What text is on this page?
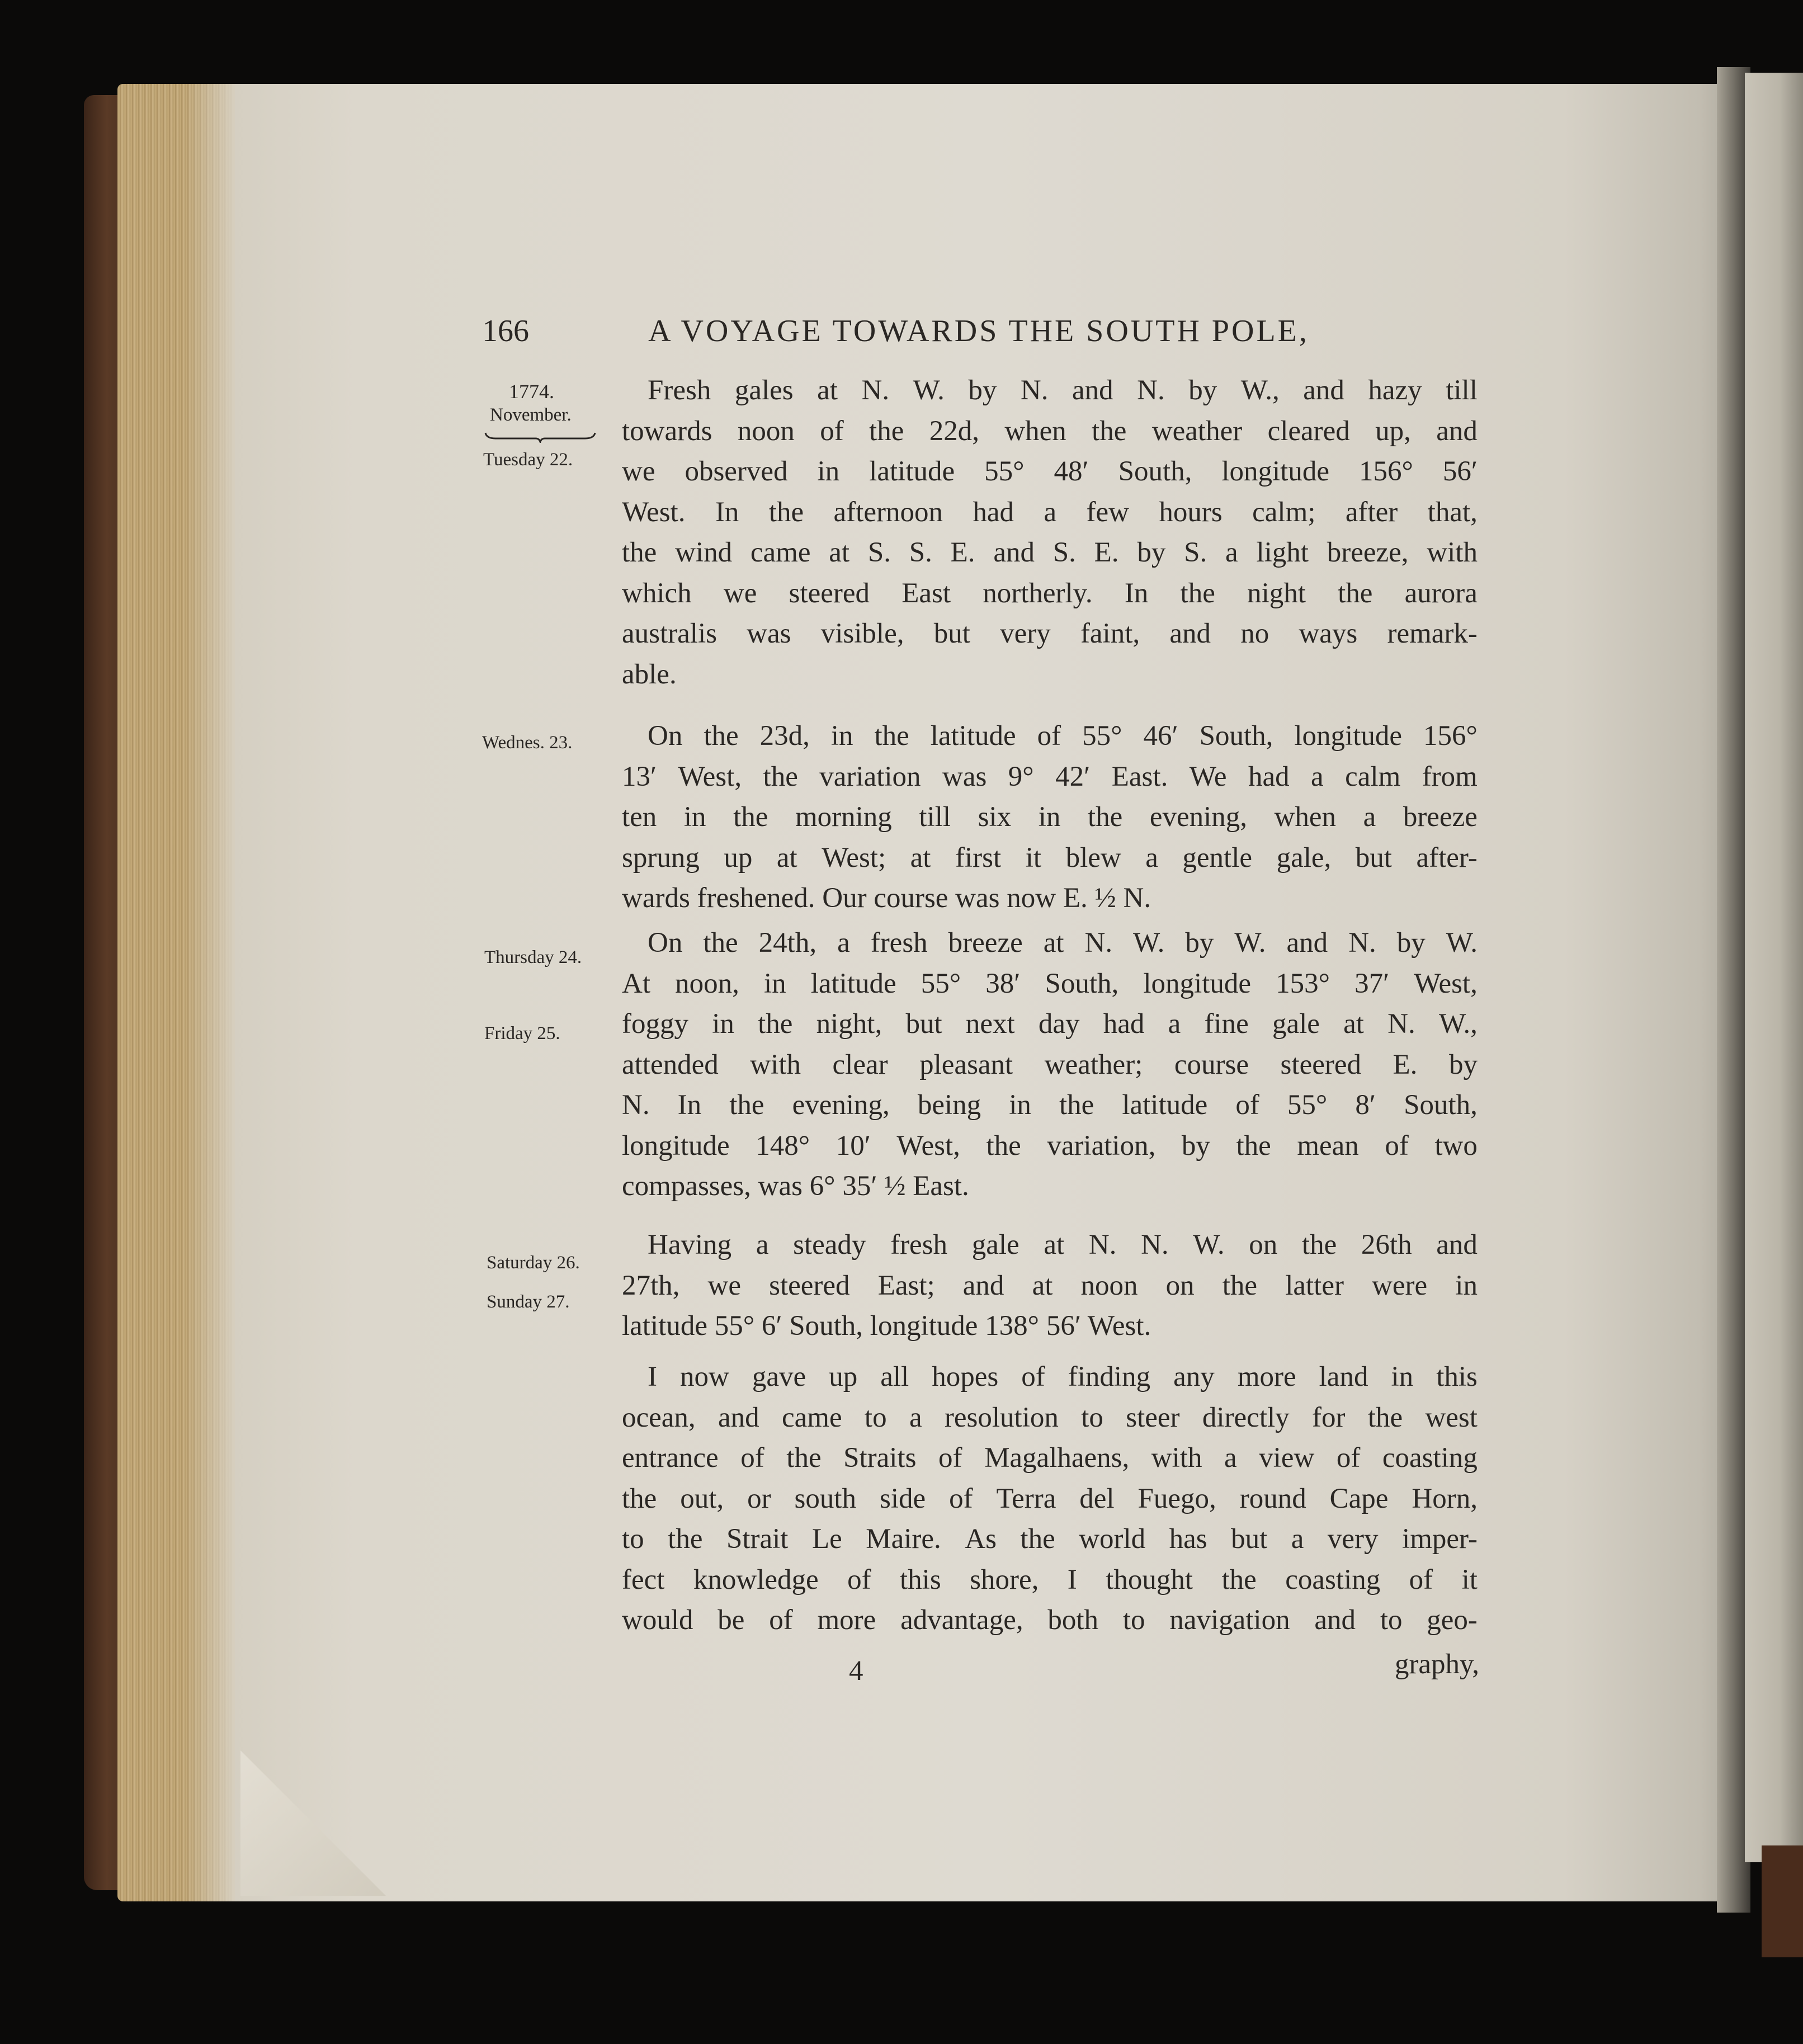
166	A VOYAGE TOWARDS THE SOUTH POLE,
1774.
November.
Tuesday 22.
Wednes. 23.
Thursday 24.
Friday 25.
Saturday 26.
Sunday 27.
Fresh gales at N. W. by N. and N. by W., and hazy till
towards noon of the 22d, when the weather cleared up, and
we observed in latitude 55° 48′ South, longitude 156° 56′
West. In the afternoon had a few hours calm; after that,
the wind came at S. S. E. and S. E. by S. a light breeze, with
which we steered East northerly. In the night the aurora
australis was visible, but very faint, and no ways remark-
able.
On the 23d, in the latitude of 55° 46′ South, longitude 156°
13′ West, the variation was 9° 42′ East. We had a calm from
ten in the morning till six in the evening, when a breeze
sprung up at West; at first it blew a gentle gale, but after-
wards freshened. Our course was now E. ½ N.
On the 24th, a fresh breeze at N. W. by W. and N. by W.
At noon, in latitude 55° 38′ South, longitude 153° 37′ West,
foggy in the night, but next day had a fine gale at N. W.,
attended with clear pleasant weather; course steered E. by
N. In the evening, being in the latitude of 55° 8′ South,
longitude 148° 10′ West, the variation, by the mean of two
compasses, was 6° 35′ ½ East.
Having a steady fresh gale at N. N. W. on the 26th and
27th, we steered East; and at noon on the latter were in
latitude 55° 6′ South, longitude 138° 56′ West.
I now gave up all hopes of finding any more land in this
ocean, and came to a resolution to steer directly for the west
entrance of the Straits of Magalhaens, with a view of coasting
the out, or south side of Terra del Fuego, round Cape Horn,
to the Strait Le Maire. As the world has but a very imper-
fect knowledge of this shore, I thought the coasting of it
would be of more advantage, both to navigation and to geo-
4	graphy,
